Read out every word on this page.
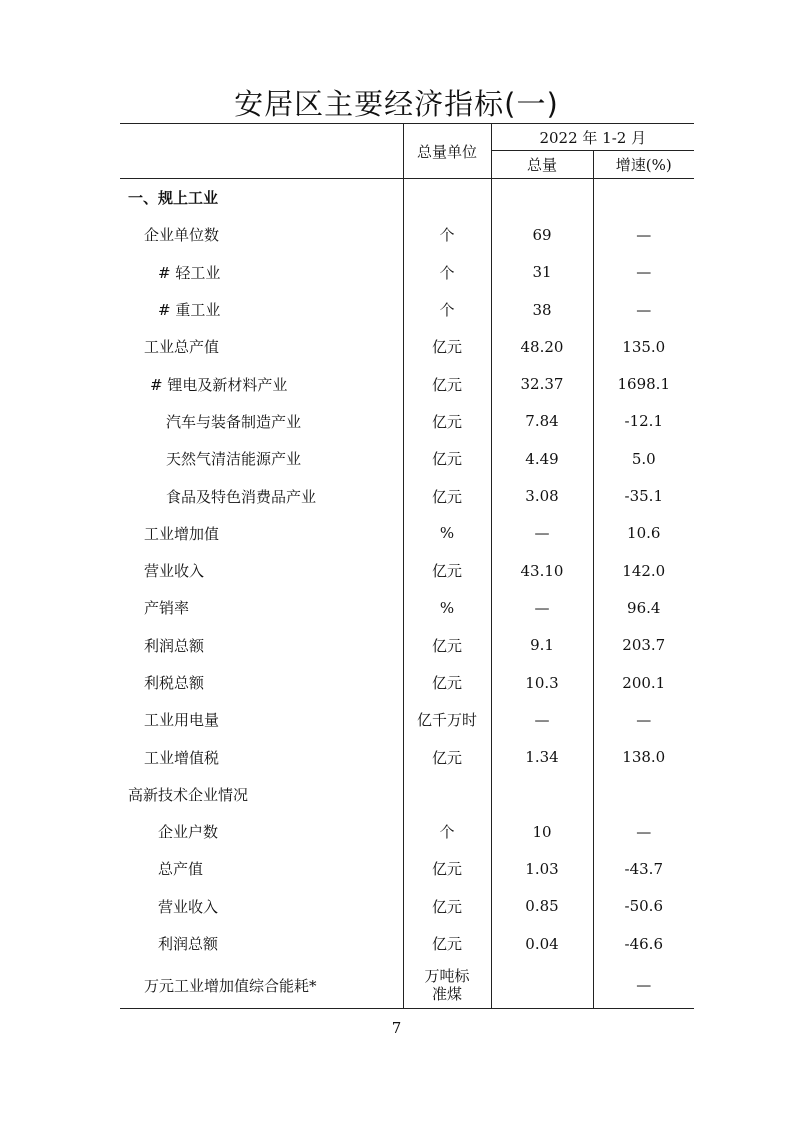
安居区主要经济指标(一)
	总量单位	2022 年 1-2 月	
		总量	增速(%)
一、规上工业			
企业单位数	个	69	—
# 轻工业	个	31	—
# 重工业	个	38	—
工业总产值	亿元	48.20	135.0
# 锂电及新材料产业	亿元	32.37	1698.1
汽车与装备制造产业	亿元	7.84	-12.1
天然气清洁能源产业	亿元	4.49	5.0
食品及特色消费品产业	亿元	3.08	-35.1
工业增加值	%	—	10.6
营业收入	亿元	43.10	142.0
产销率	%	—	96.4
利润总额	亿元	9.1	203.7
利税总额	亿元	10.3	200.1
工业用电量	亿千万时	—	—
工业增值税	亿元	1.34	138.0
高新技术企业情况			
企业户数	个	10	—
总产值	亿元	1.03	-43.7
营业收入	亿元	0.85	-50.6
利润总额	亿元	0.04	-46.6
万元工业增加值综合能耗*	万吨标准煤		—
7
